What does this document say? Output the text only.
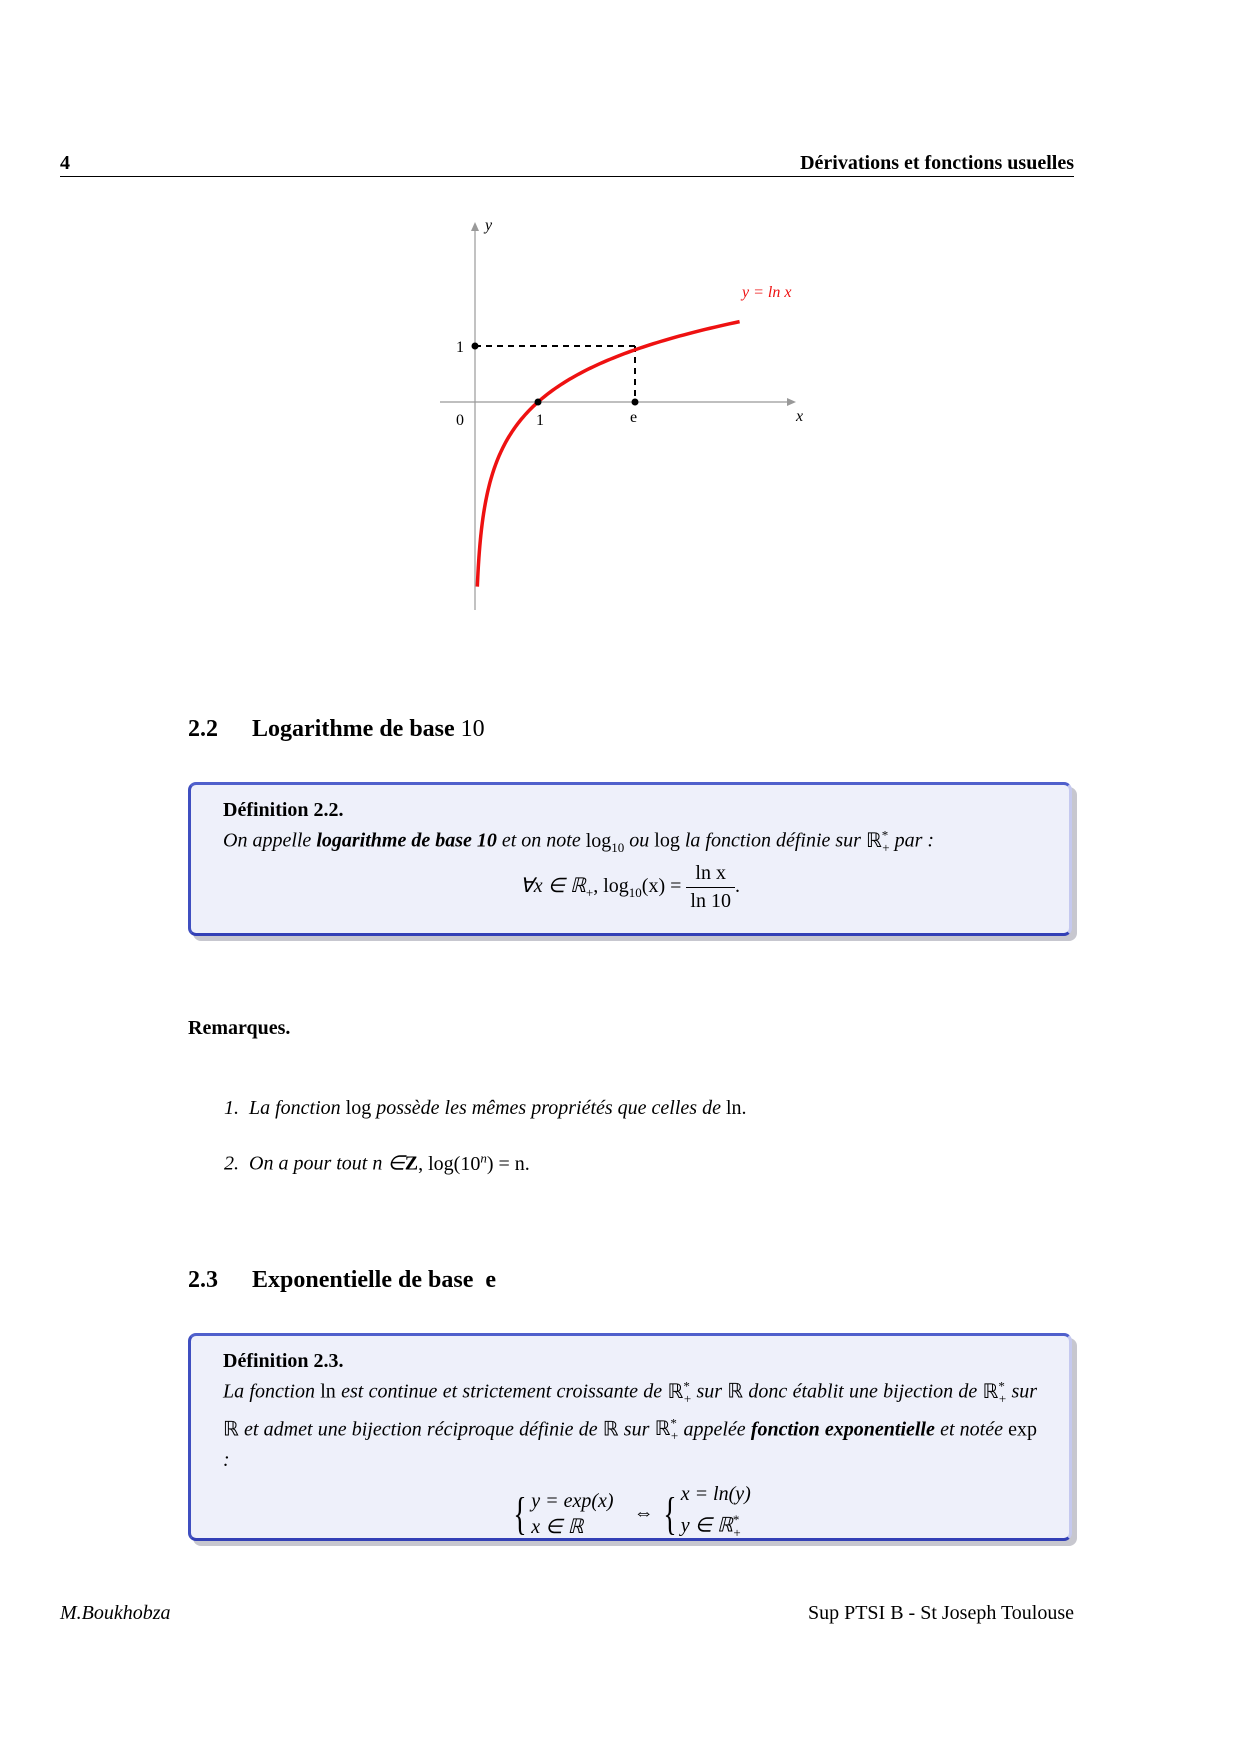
4	Dérivations et fonctions usuelles
y
x
0	1	e
1
y = ln x
2.2 Logarithme de base 10
Définition 2.2.
On appelle logarithme de base 10 et on note $\log_{10}$ ou log la fonction définie sur ℝ*$_+$ par :
∀x ∈ ℝ$_+$, $\log_{10}(x) = \frac{\text{ln x}}{\ln 10}$ .
Remarques.
1. La fonction log possède les mêmes propriétés que celles de ln.
2. On a pour tout n ∈Z, $\log(10^n) = n$.
2.3 Exponentielle de base e
Définition 2.3.
La fonction ln est continue et strictement croissante de ℝ*$_+$ sur ℝ donc établit une bijection de ℝ*$_+$ sur ℝ et admet une bijection réciproque définie de ℝ sur ℝ*$_+$ appelée fonction exponentielle et notée exp :
{ y = exp(x)
x ∈ ℝ
⇔ { x = ln(y)
y ∈ ℝ*$_+$
M.Boukhobza	Sup PTSI B - St Joseph Toulouse
